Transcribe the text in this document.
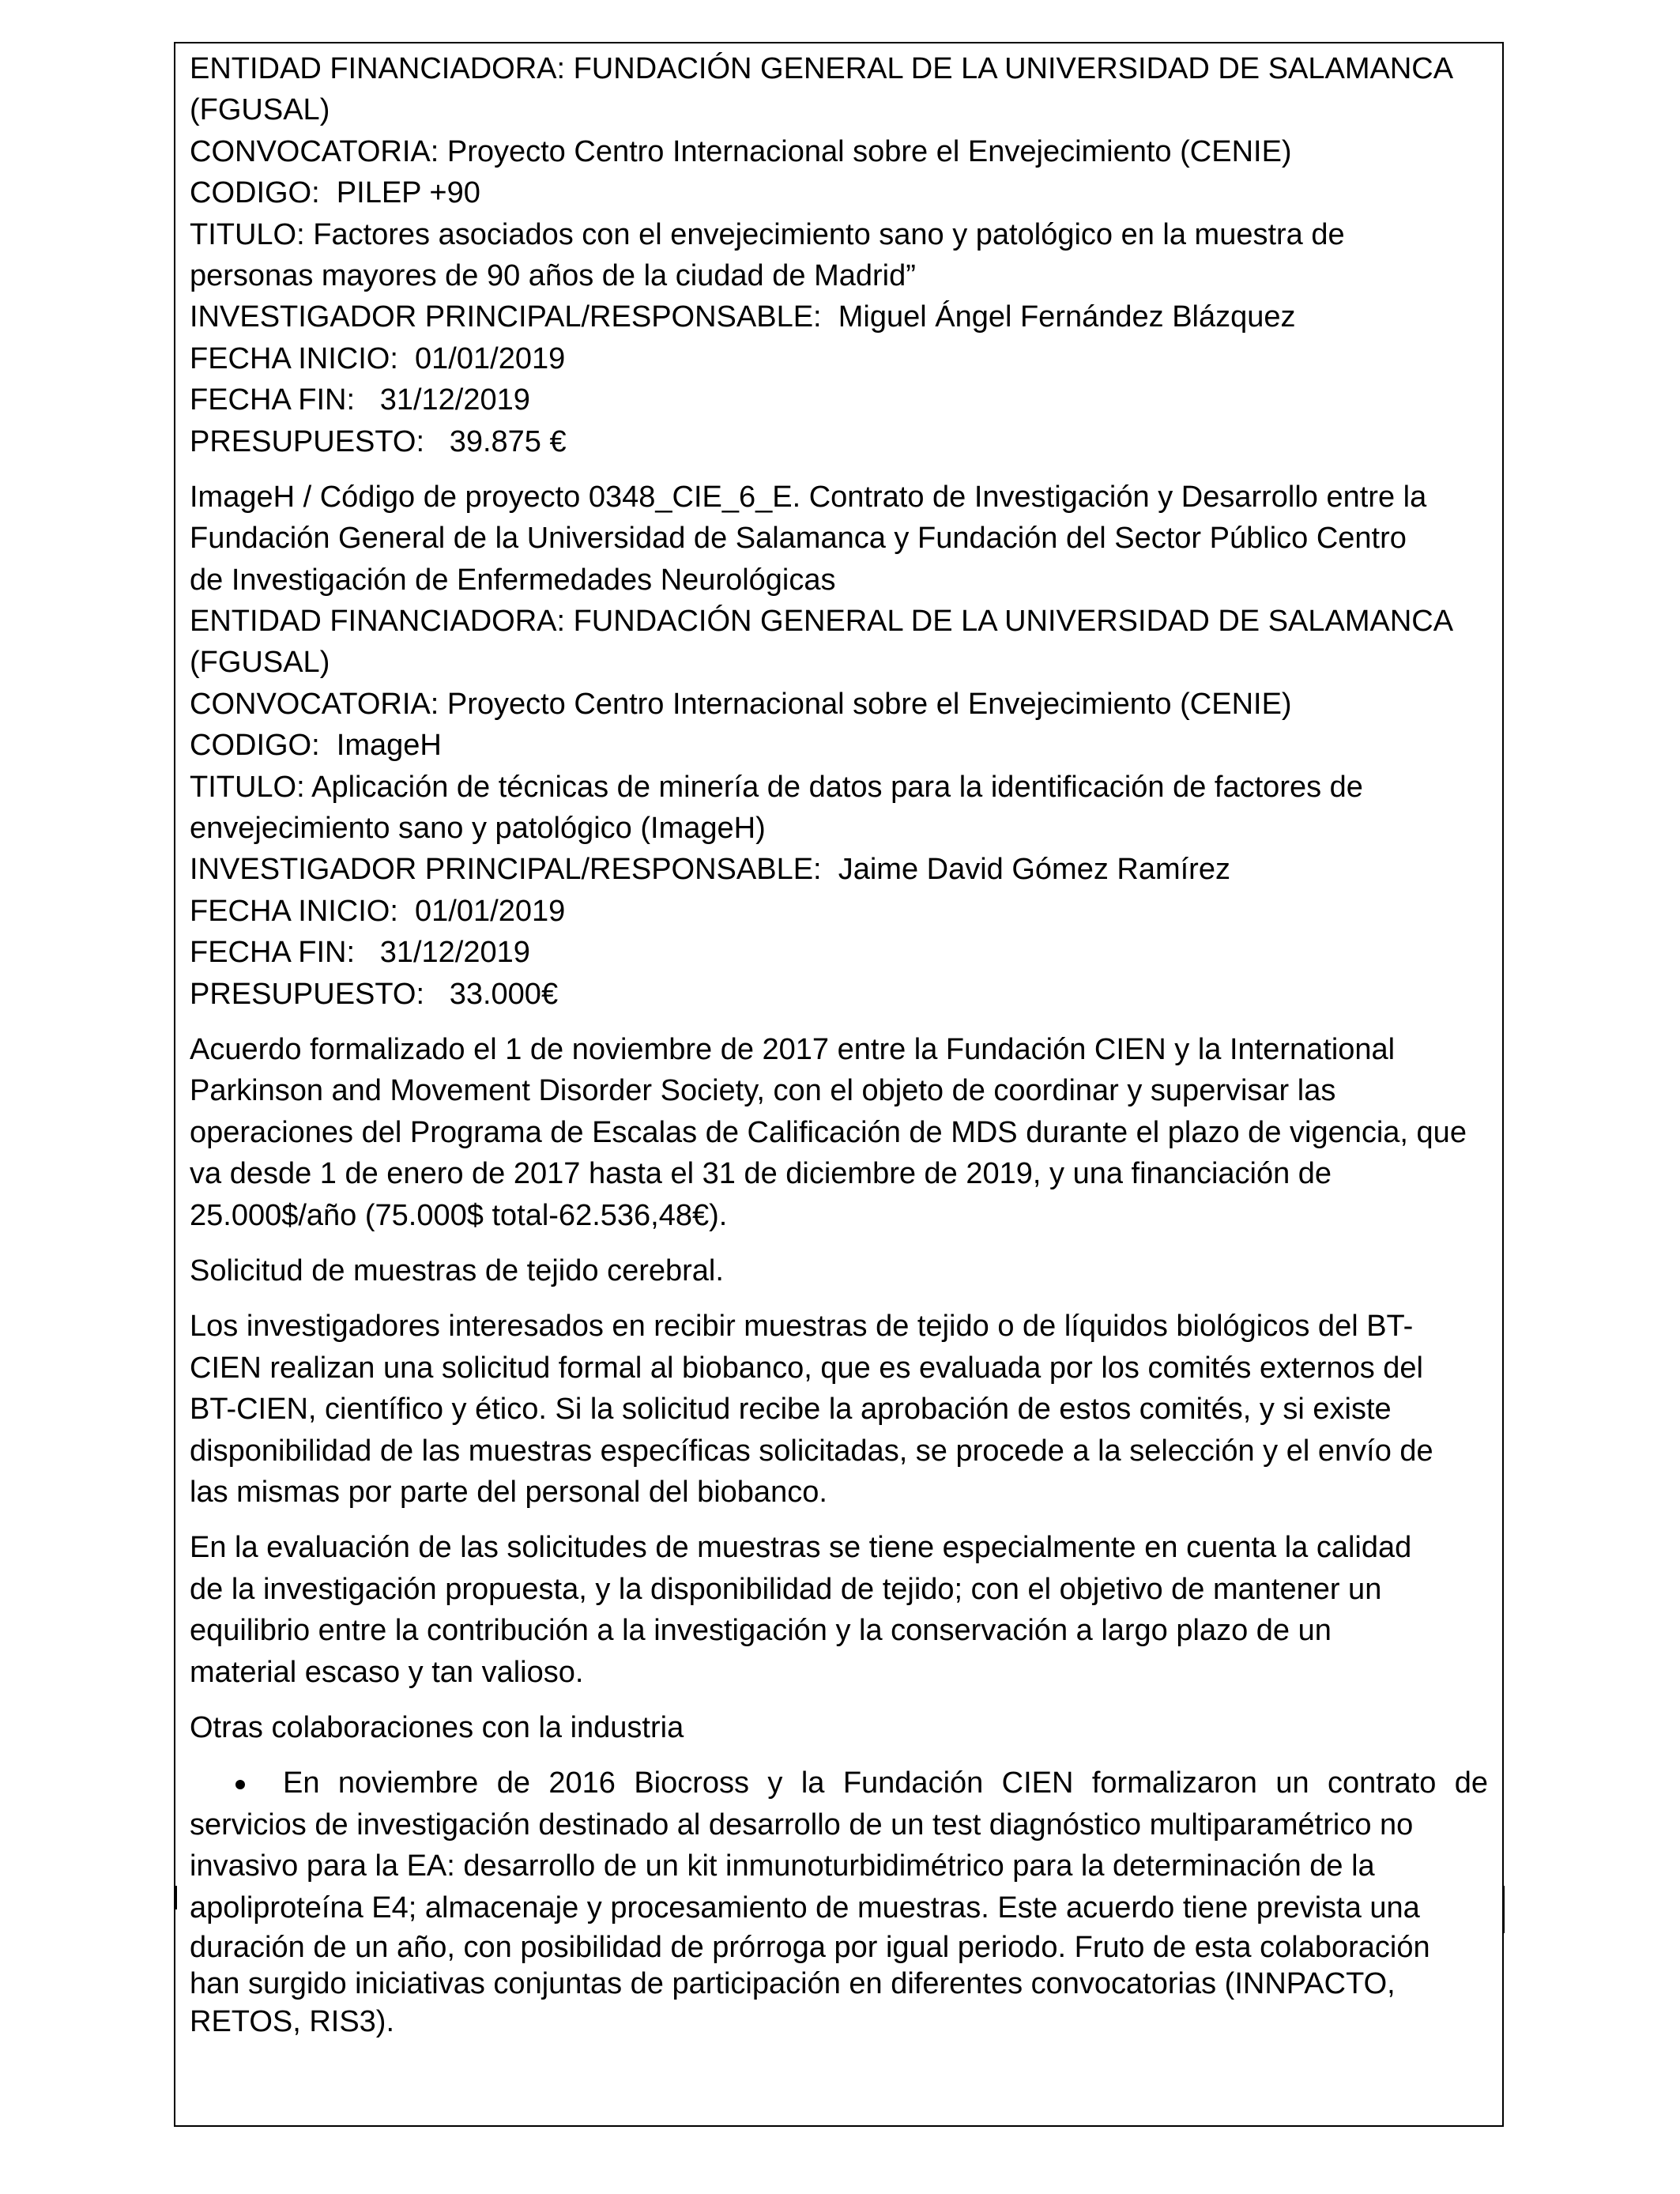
ENTIDAD FINANCIADORA: FUNDACIÓN GENERAL DE LA UNIVERSIDAD DE SALAMANCA
(FGUSAL)
CONVOCATORIA: Proyecto Centro Internacional sobre el Envejecimiento (CENIE)
CODIGO:  PILEP +90
TITULO: Factores asociados con el envejecimiento sano y patológico en la muestra de
personas mayores de 90 años de la ciudad de Madrid”
INVESTIGADOR PRINCIPAL/RESPONSABLE:  Miguel Ángel Fernández Blázquez
FECHA INICIO:  01/01/2019
FECHA FIN:   31/12/2019
PRESUPUESTO:   39.875 €
ImageH / Código de proyecto 0348_CIE_6_E. Contrato de Investigación y Desarrollo entre la
Fundación General de la Universidad de Salamanca y Fundación del Sector Público Centro
de Investigación de Enfermedades Neurológicas
ENTIDAD FINANCIADORA: FUNDACIÓN GENERAL DE LA UNIVERSIDAD DE SALAMANCA
(FGUSAL)
CONVOCATORIA: Proyecto Centro Internacional sobre el Envejecimiento (CENIE)
CODIGO:  ImageH
TITULO: Aplicación de técnicas de minería de datos para la identificación de factores de
envejecimiento sano y patológico (ImageH)
INVESTIGADOR PRINCIPAL/RESPONSABLE:  Jaime David Gómez Ramírez
FECHA INICIO:  01/01/2019
FECHA FIN:   31/12/2019
PRESUPUESTO:   33.000€
Acuerdo formalizado el 1 de noviembre de 2017 entre la Fundación CIEN y la International
Parkinson and Movement Disorder Society, con el objeto de coordinar y supervisar las
operaciones del Programa de Escalas de Calificación de MDS durante el plazo de vigencia, que
va desde 1 de enero de 2017 hasta el 31 de diciembre de 2019, y una financiación de
25.000$/año (75.000$ total-62.536,48€).
Solicitud de muestras de tejido cerebral.
Los investigadores interesados en recibir muestras de tejido o de líquidos biológicos del BT-
CIEN realizan una solicitud formal al biobanco, que es evaluada por los comités externos del
BT-CIEN, científico y ético. Si la solicitud recibe la aprobación de estos comités, y si existe
disponibilidad de las muestras específicas solicitadas, se procede a la selección y el envío de
las mismas por parte del personal del biobanco.
En la evaluación de las solicitudes de muestras se tiene especialmente en cuenta la calidad
de la investigación propuesta, y la disponibilidad de tejido; con el objetivo de mantener un
equilibrio entre la contribución a la investigación y la conservación a largo plazo de un
material escaso y tan valioso.
Otras colaboraciones con la industria
En noviembre de 2016 Biocross y la Fundación CIEN formalizaron un contrato de
servicios de investigación destinado al desarrollo de un test diagnóstico multiparamétrico no
invasivo para la EA: desarrollo de un kit inmunoturbidimétrico para la determinación de la
apoliproteína E4; almacenaje y procesamiento de muestras. Este acuerdo tiene prevista una
duración de un año, con posibilidad de prórroga por igual periodo. Fruto de esta colaboración
han surgido iniciativas conjuntas de participación en diferentes convocatorias (INNPACTO,
RETOS, RIS3).
